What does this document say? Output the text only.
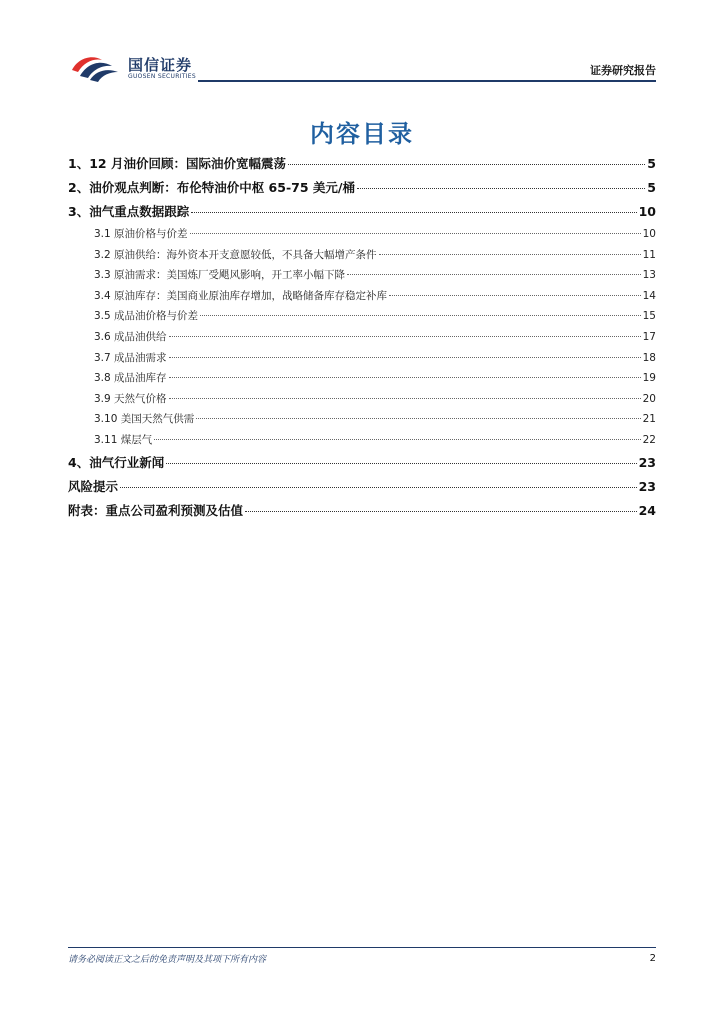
国信证券
GUOSEN SECURITIES	证券研究报告
内容目录
1、12 月油价回顾：国际油价宽幅震荡	5
2、油价观点判断：布伦特油价中枢 65-75 美元/桶	5
3、油气重点数据跟踪	10
3.1 原油价格与价差	10
3.2 原油供给：海外资本开支意愿较低，不具备大幅增产条件	11
3.3 原油需求：美国炼厂受飓风影响，开工率小幅下降	13
3.4 原油库存：美国商业原油库存增加，战略储备库存稳定补库	14
3.5 成品油价格与价差	15
3.6 成品油供给	17
3.7 成品油需求	18
3.8 成品油库存	19
3.9 天然气价格	20
3.10 美国天然气供需	21
3.11 煤层气	22
4、油气行业新闻	23
风险提示	23
附表：重点公司盈利预测及估值	24
请务必阅读正文之后的免责声明及其项下所有内容	2
